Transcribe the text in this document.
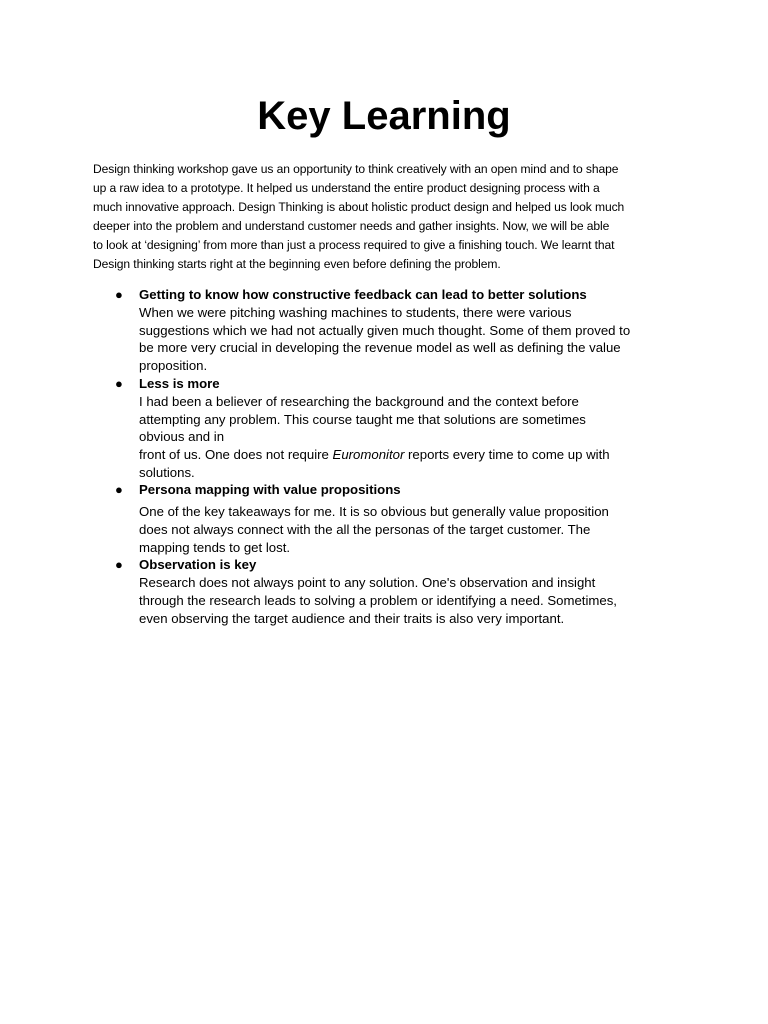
Key Learning

Design thinking workshop gave us an opportunity to think creatively with an open mind and to shape
up a raw idea to a prototype. It helped us understand the entire product designing process with a
much innovative approach. Design Thinking is about holistic product design and helped us look much
deeper into the problem and understand customer needs and gather insights. Now, we will be able
to look at ‘designing’ from more than just a process required to give a finishing touch. We learnt that
Design thinking starts right at the beginning even before defining the problem.

● Getting to know how constructive feedback can lead to better solutions
When we were pitching washing machines to students, there were various
suggestions which we had not actually given much thought. Some of them proved to
be more very crucial in developing the revenue model as well as defining the value
proposition.
● Less is more
I had been a believer of researching the background and the context before
attempting any problem. This course taught me that solutions are sometimes
obvious and in
front of us. One does not require Euromonitor reports every time to come up with
solutions.
● Persona mapping with value propositions
One of the key takeaways for me. It is so obvious but generally value proposition
does not always connect with the all the personas of the target customer. The
mapping tends to get lost.
● Observation is key
Research does not always point to any solution. One's observation and insight
through the research leads to solving a problem or identifying a need. Sometimes,
even observing the target audience and their traits is also very important.
